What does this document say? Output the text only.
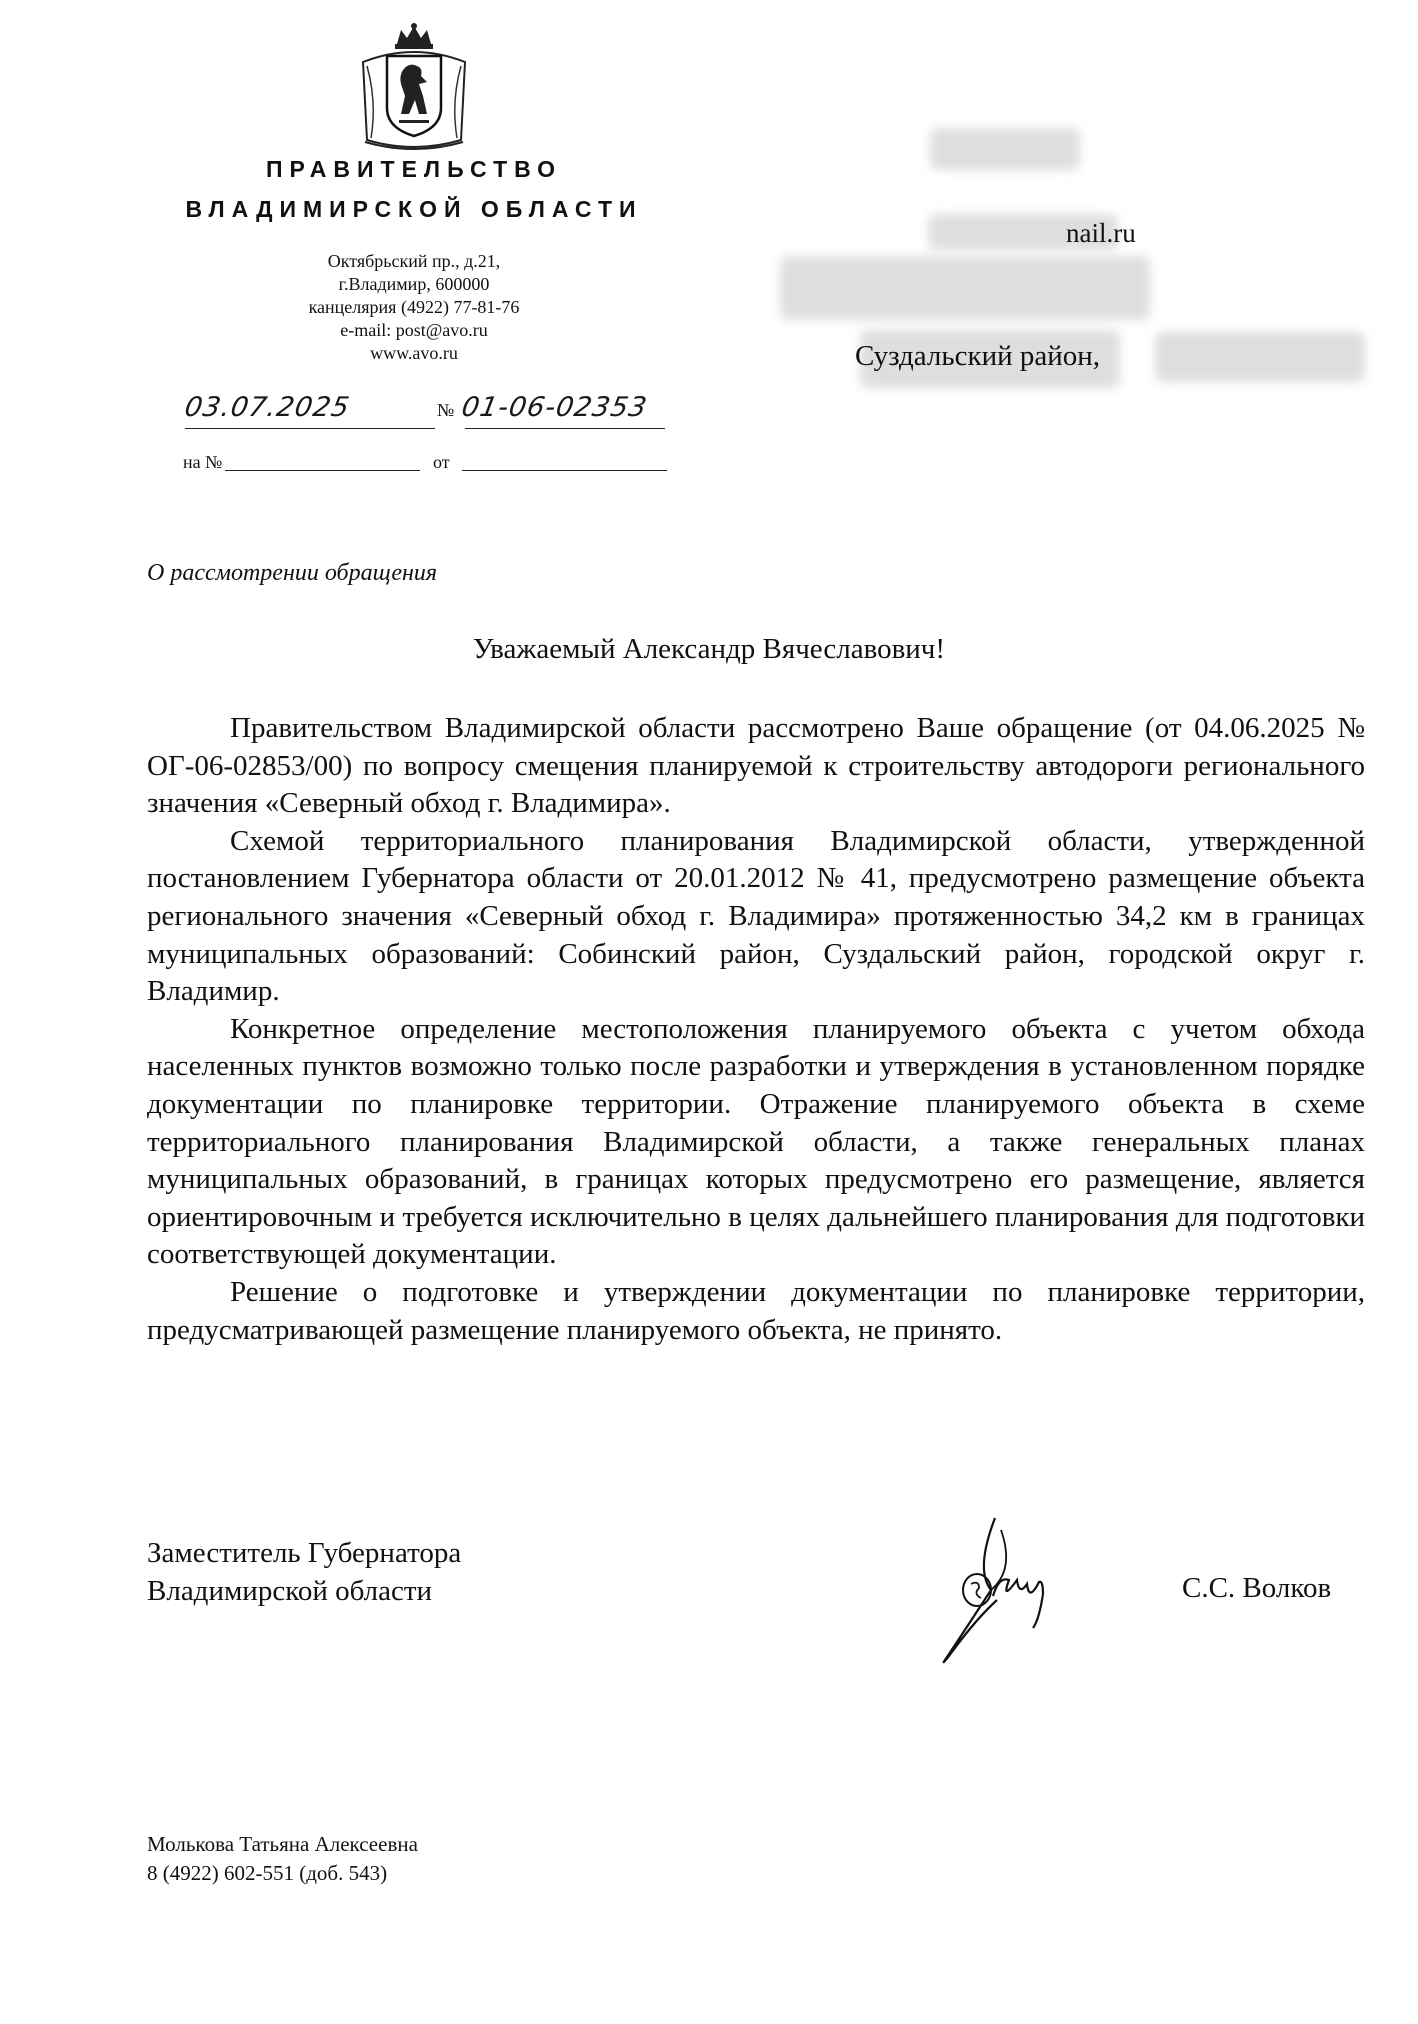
ПРАВИТЕЛЬСТВО
ВЛАДИМИРСКОЙ ОБЛАСТИ
Октябрьский пр., д.21,
г.Владимир, 600000
канцелярия (4922) 77-81-76
e-mail: post@avo.ru
www.avo.ru
03.07.2025	№ 01-06-02353
на №	от
nail.ru
Суздальский район,
О рассмотрении обращения
Уважаемый Александр Вячеславович!

Правительством Владимирской области рассмотрено Ваше обращение (от 04.06.2025 № ОГ-06-02853/00) по вопросу смещения планируемой к строительству автодороги регионального значения «Северный обход г. Владимира».

Схемой территориального планирования Владимирской области, утвержденной постановлением Губернатора области от 20.01.2012 № 41, предусмотрено размещение объекта регионального значения «Северный обход г. Владимира» протяженностью 34,2 км в границах муниципальных образований: Собинский район, Суздальский район, городской округ г. Владимир.

Конкретное определение местоположения планируемого объекта с учетом обхода населенных пунктов возможно только после разработки и утверждения в установленном порядке документации по планировке территории. Отражение планируемого объекта в схеме территориального планирования Владимирской области, а также генеральных планах муниципальных образований, в границах которых предусмотрено его размещение, является ориентировочным и требуется исключительно в целях дальнейшего планирования для подготовки соответствующей документации.

Решение о подготовке и утверждении документации по планировке территории, предусматривающей размещение планируемого объекта, не принято.

Заместитель Губернатора
Владимирской области	С.С. Волков
Молькова Татьяна Алексеевна
8 (4922) 602-551 (доб. 543)
